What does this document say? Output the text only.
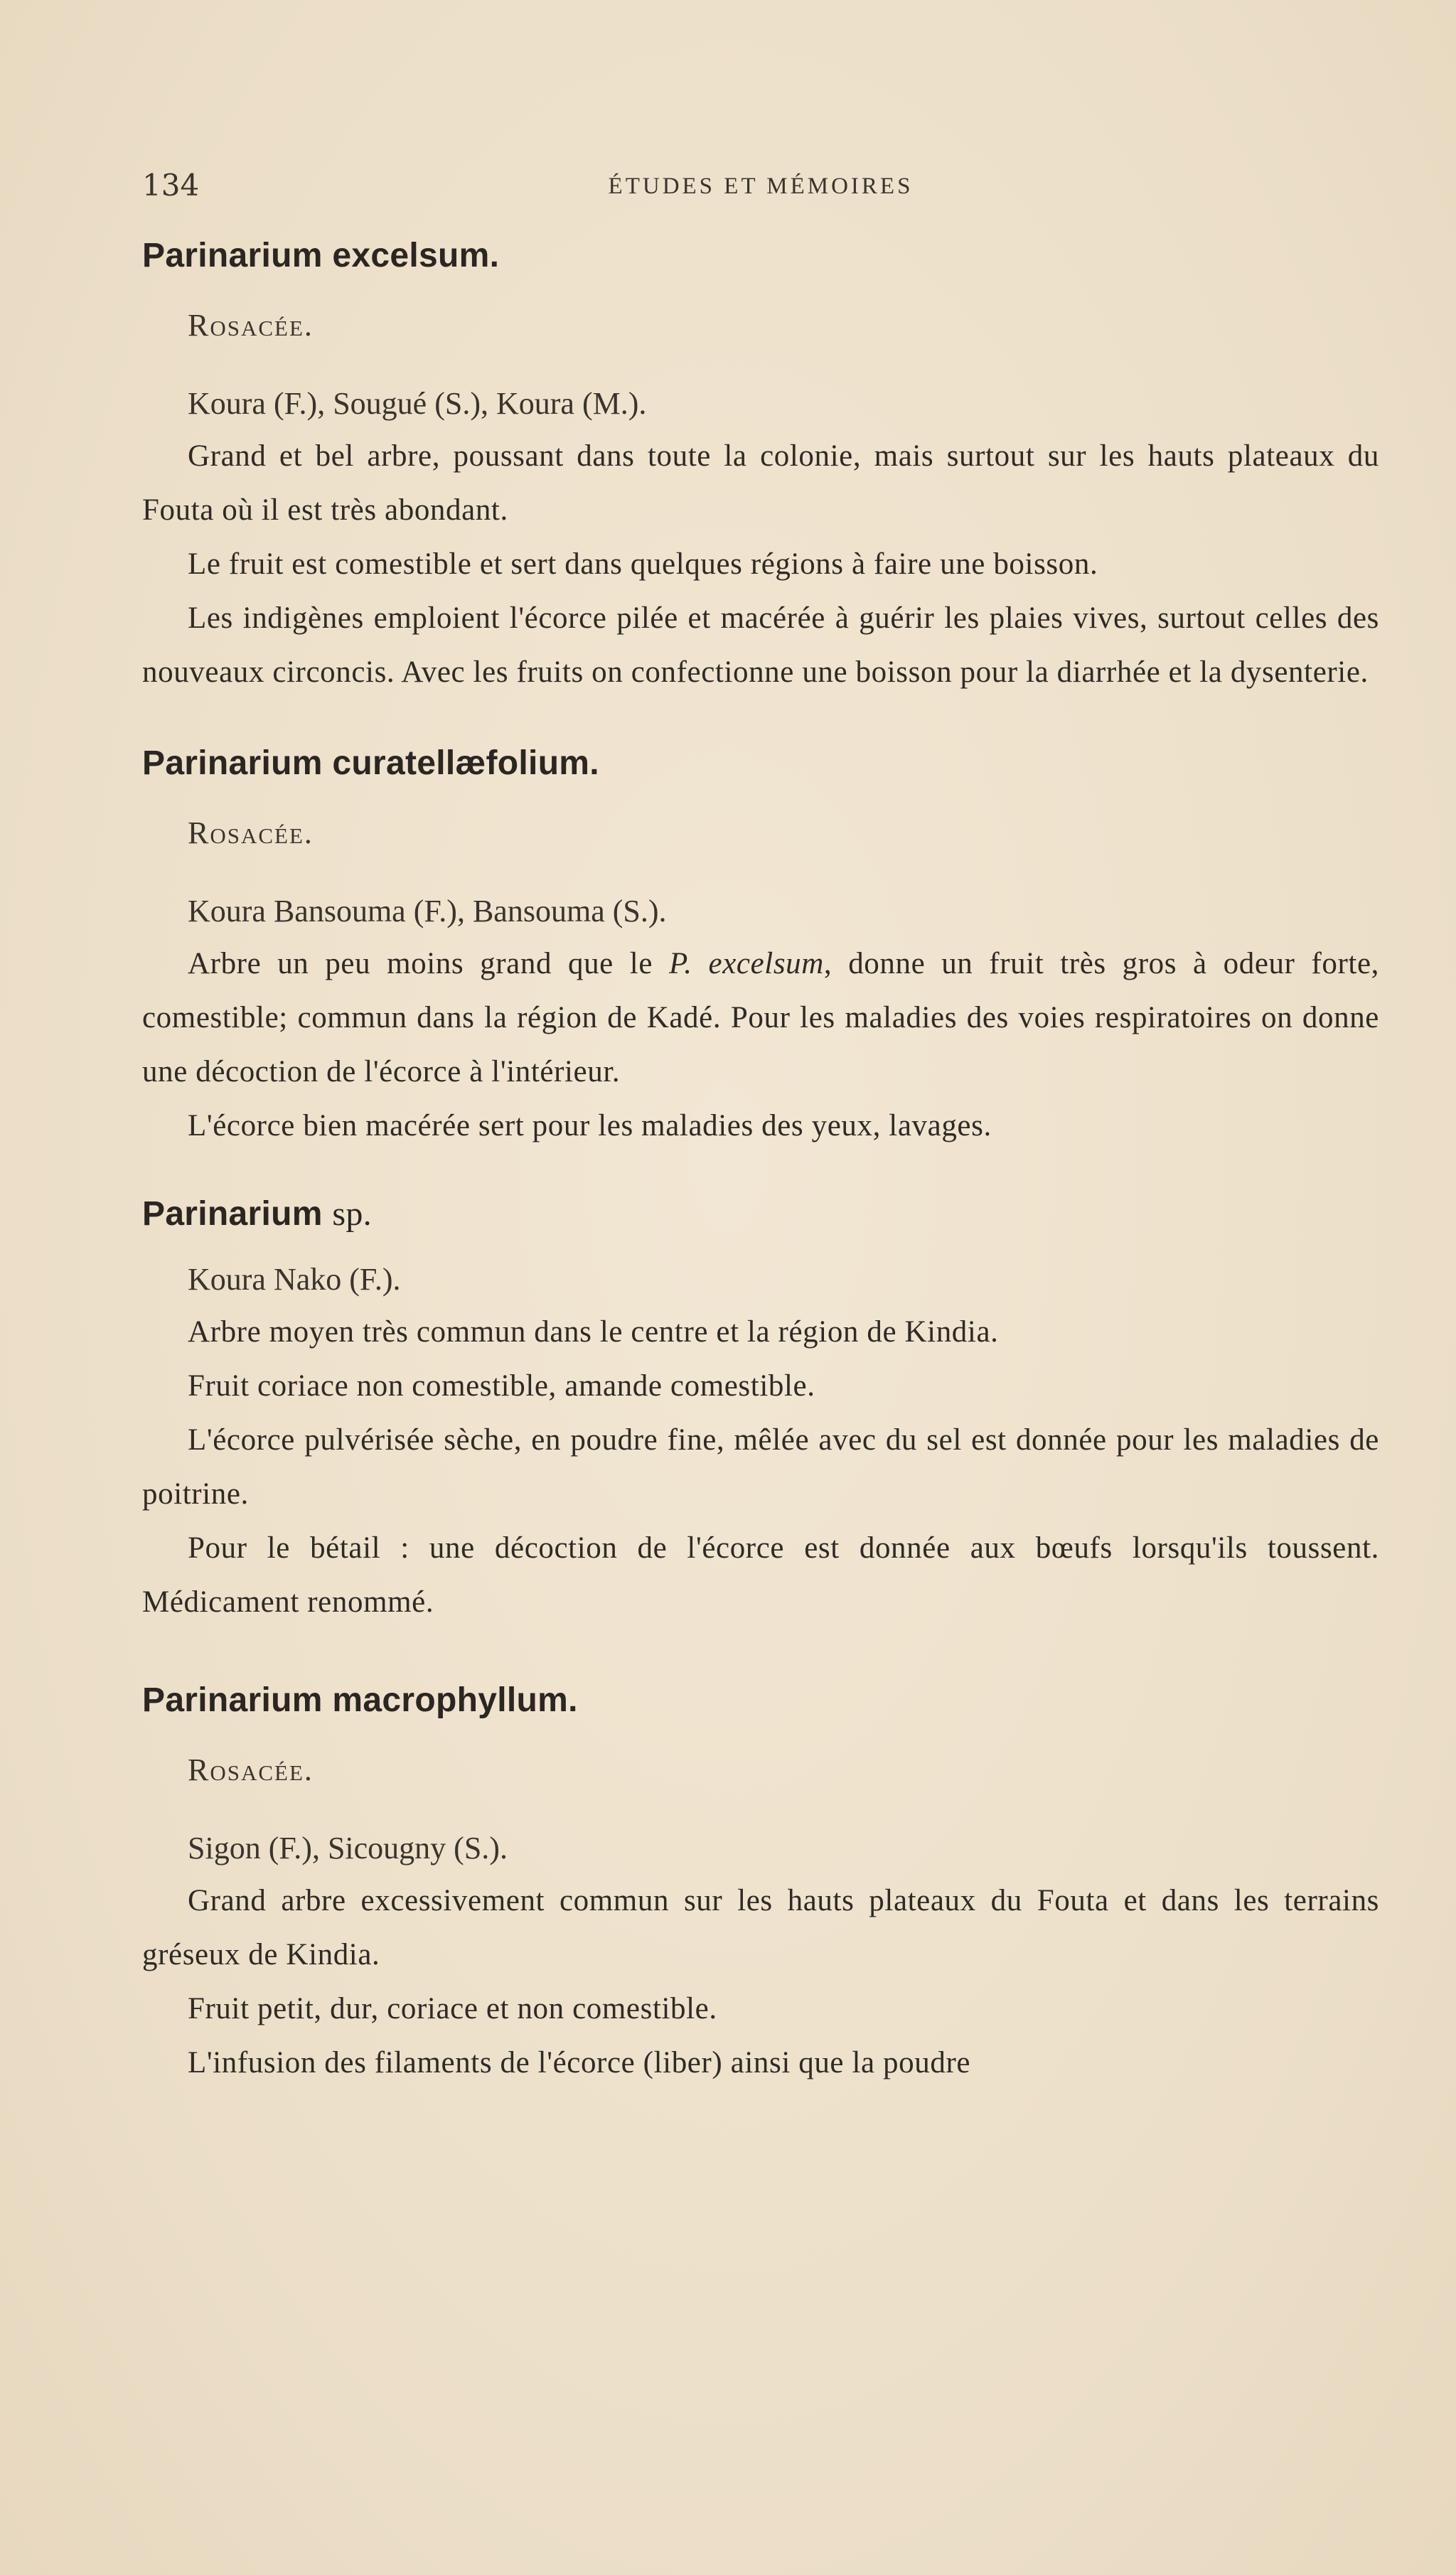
134	ÉTUDES ET MÉMOIRES
Parinarium excelsum.
Rosacée.
Koura (F.), Sougué (S.), Koura (M.).

Grand et bel arbre, poussant dans toute la colonie, mais surtout sur les hauts plateaux du Fouta où il est très abondant.

Le fruit est comestible et sert dans quelques régions à faire une boisson.

Les indigènes emploient l'écorce pilée et macérée à guérir les plaies vives, surtout celles des nouveaux circoncis. Avec les fruits on confectionne une boisson pour la diarrhée et la dysenterie.

Parinarium curatellæfolium.
Rosacée.
Koura Bansouma (F.), Bansouma (S.).

Arbre un peu moins grand que le P. excelsum, donne un fruit très gros à odeur forte, comestible; commun dans la région de Kadé. Pour les maladies des voies respiratoires on donne une décoction de l'écorce à l'intérieur.

L'écorce bien macérée sert pour les maladies des yeux, lavages.

Parinarium sp.
Koura Nako (F.).

Arbre moyen très commun dans le centre et la région de Kindia.

Fruit coriace non comestible, amande comestible.

L'écorce pulvérisée sèche, en poudre fine, mêlée avec du sel est donnée pour les maladies de poitrine.

Pour le bétail : une décoction de l'écorce est donnée aux bœufs lorsqu'ils toussent. Médicament renommé.

Parinarium macrophyllum.
Rosacée.
Sigon (F.), Sicougny (S.).

Grand arbre excessivement commun sur les hauts plateaux du Fouta et dans les terrains gréseux de Kindia.

Fruit petit, dur, coriace et non comestible.

L'infusion des filaments de l'écorce (liber) ainsi que la poudre
